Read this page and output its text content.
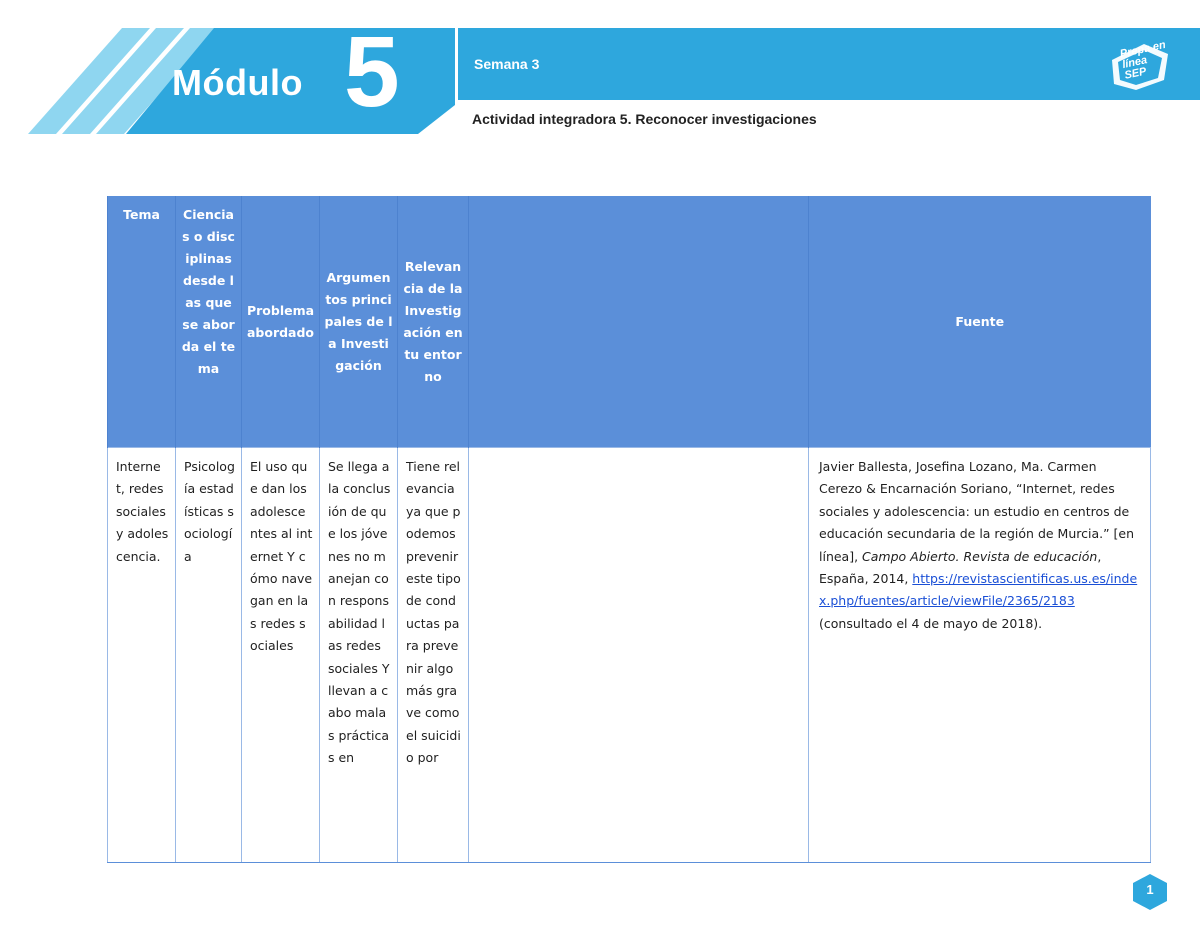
Módulo 5	Semana 3
Actividad integradora 5. Reconocer investigaciones
Prepa en línea SEP
Tema	Ciencias o disciplinas desde las que se aborda el tema	Problema abordado	Argumentos principales de la Investigación	Relevancia de la Investigación en tu entorno		Fuente
Internet, redes sociales y adolescencia.	Psicología estadísticas sociología	El uso que dan los adolescentes al internet Y cómo navegan en las redes sociales	Se llega a la conclusión de que los jóvenes no manejan con responsabilidad las redes sociales Y llevan a cabo malas prácticas en	Tiene relevancia ya que podemos prevenir este tipo de conductas para prevenir algo más grave como el suicidio por		Javier Ballesta, Josefina Lozano, Ma. Carmen Cerezo & Encarnación Soriano, “Internet, redes sociales y adolescencia: un estudio en centros de educación secundaria de la región de Murcia.” [en línea], Campo Abierto. Revista de educación, España, 2014, https://revistascientificas.us.es/index.php/fuentes/article/viewFile/2365/2183 (consultado el 4 de mayo de 2018).
1
